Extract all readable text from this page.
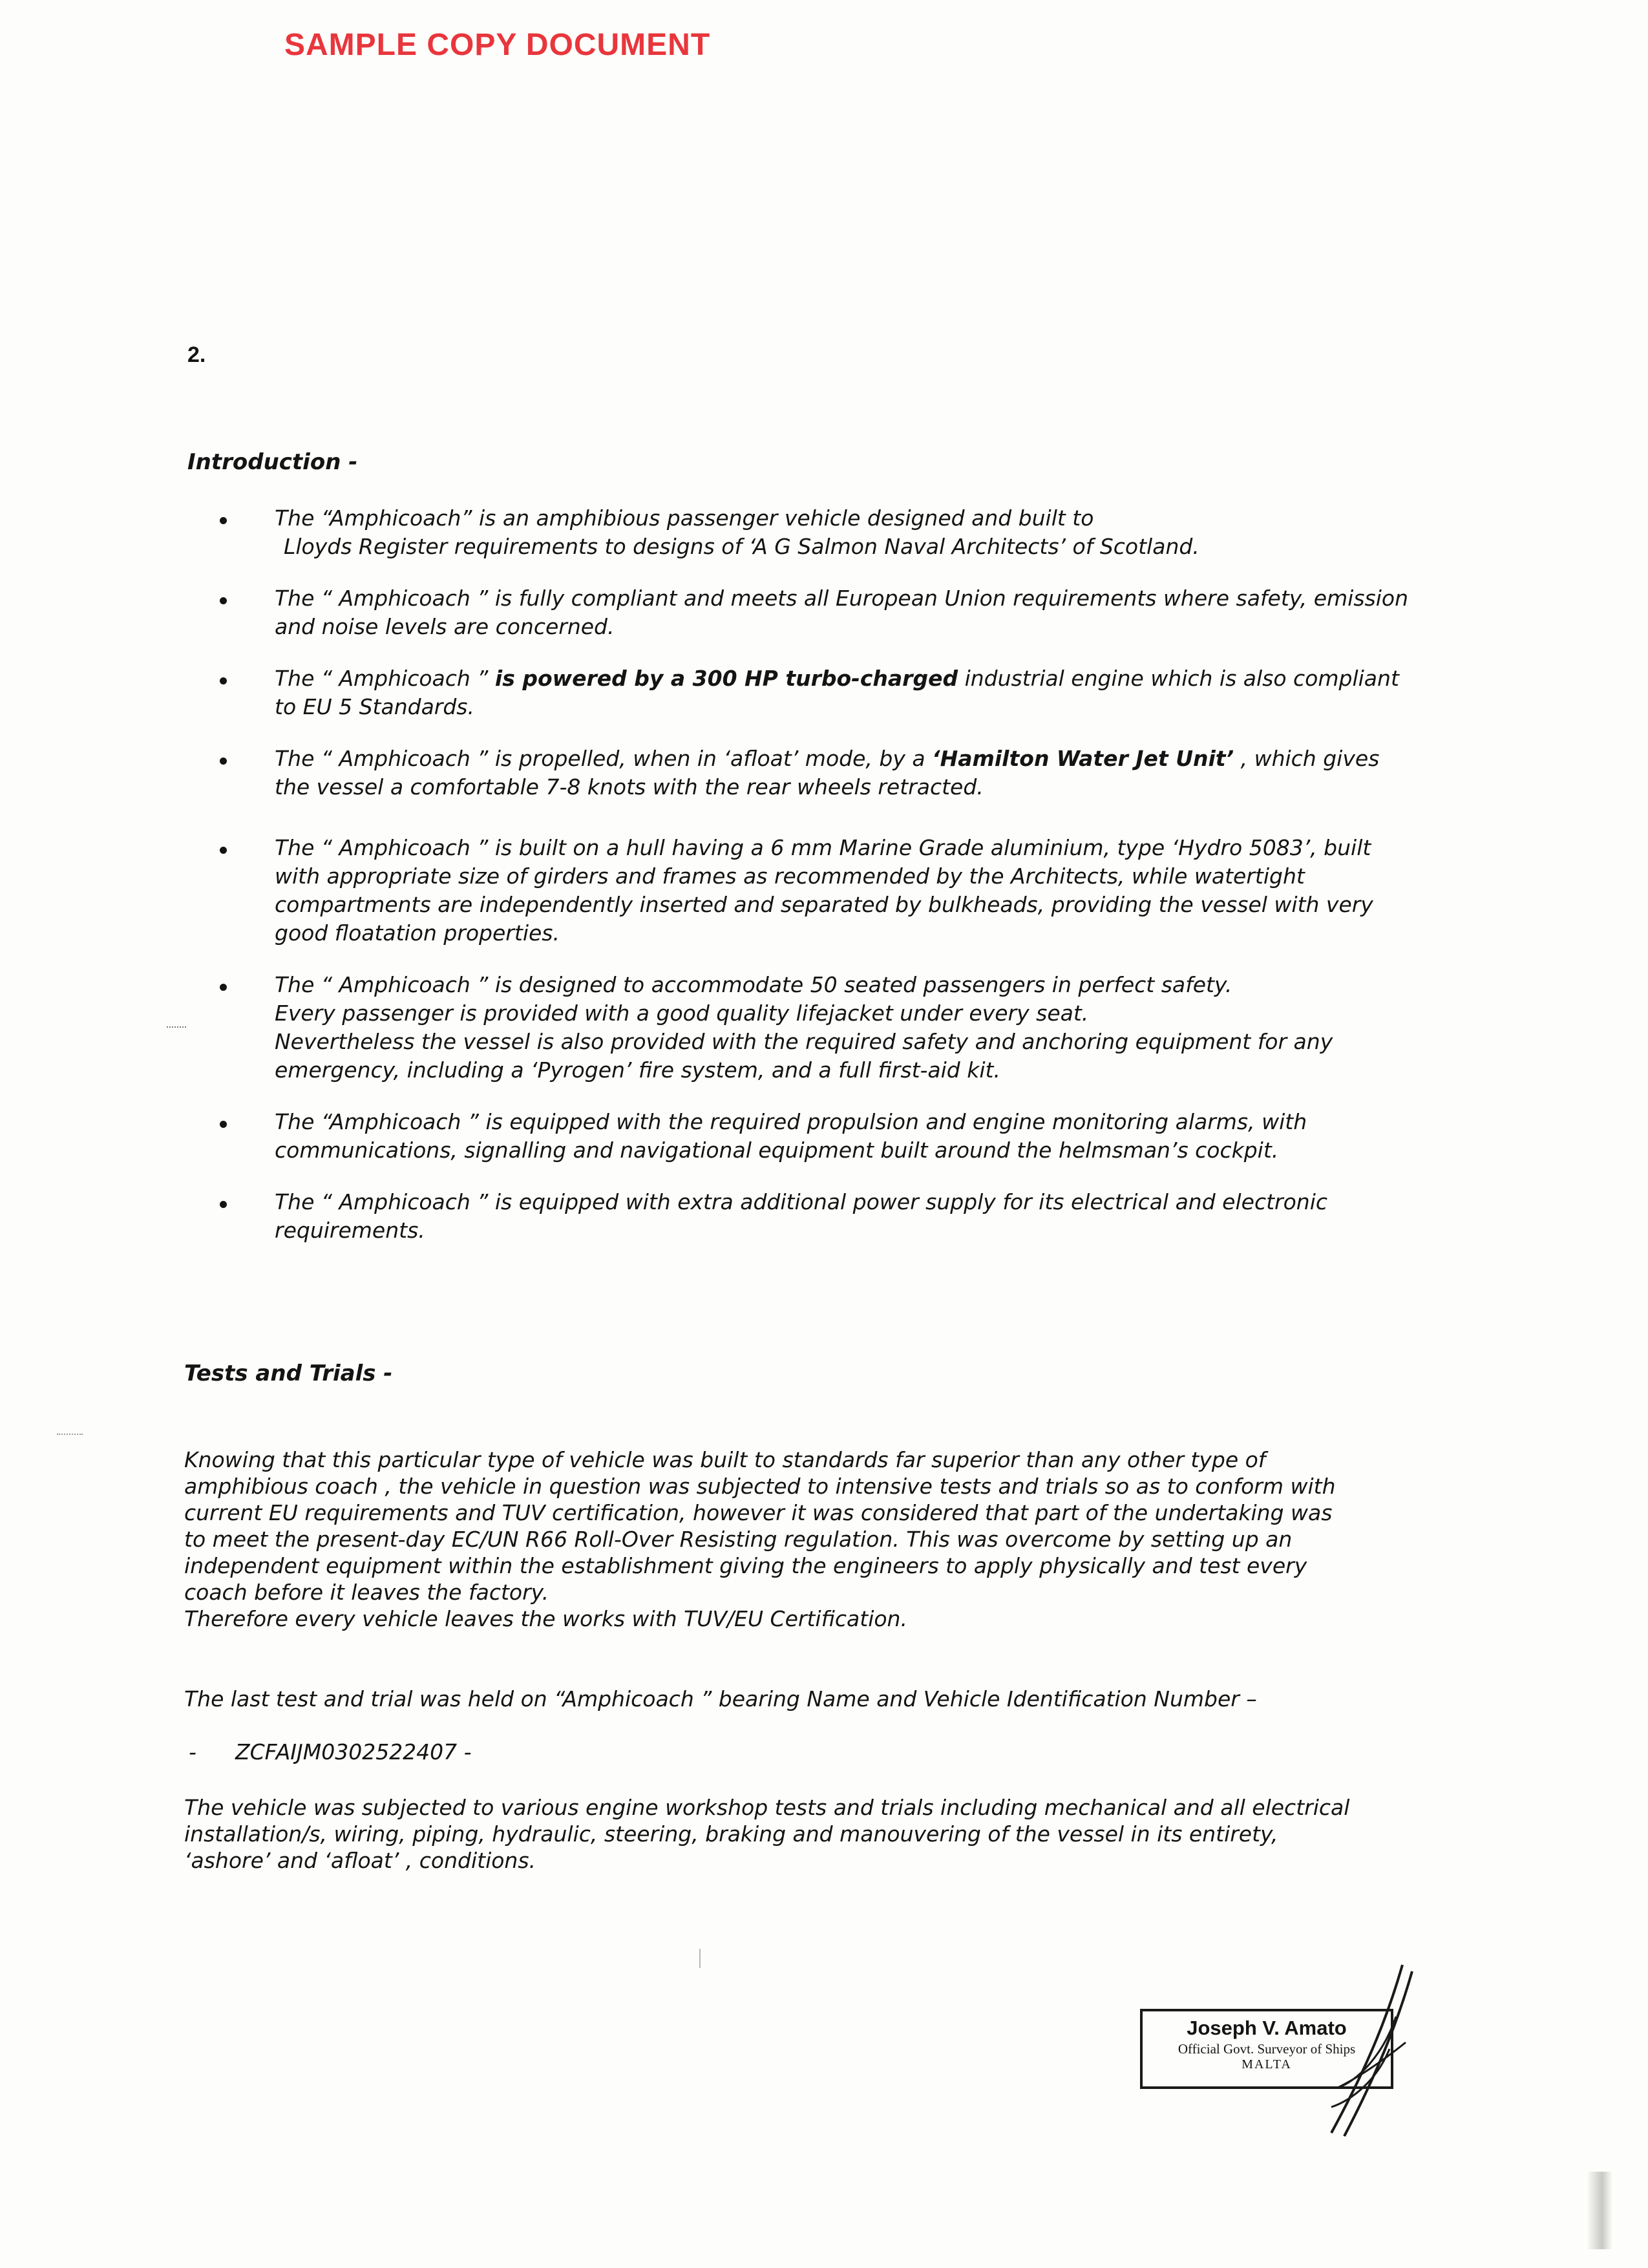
SAMPLE COPY DOCUMENT
2.
Introduction -
The “Amphicoach” is an amphibious passenger vehicle designed and built to
Lloyds Register requirements to designs of ‘A G Salmon Naval Architects’ of Scotland.
The “ Amphicoach ” is fully compliant and meets all European Union requirements where safety, emission and noise levels are concerned.
The “ Amphicoach ” is powered by a 300 HP turbo-charged industrial engine which is also compliant to EU 5 Standards.
The “ Amphicoach ” is propelled, when in ‘afloat’ mode, by a ‘Hamilton Water Jet Unit’ , which gives the vessel a comfortable 7-8 knots with the rear wheels retracted.
The “ Amphicoach ” is built on a hull having a 6 mm Marine Grade aluminium, type ‘Hydro 5083’, built with appropriate size of girders and frames as recommended by the Architects, while watertight compartments are independently inserted and separated by bulkheads, providing the vessel with very good floatation properties.
The “ Amphicoach ” is designed to accommodate 50 seated passengers in perfect safety.
Every passenger is provided with a good quality lifejacket under every seat.
Nevertheless the vessel is also provided with the required safety and anchoring equipment for any emergency, including a ‘Pyrogen’ fire system, and a full first-aid kit.
The “Amphicoach ” is equipped with the required propulsion and engine monitoring alarms, with communications, signalling and navigational equipment built around the helmsman’s cockpit.
The “ Amphicoach ” is equipped with extra additional power supply for its electrical and electronic requirements.
Tests and Trials -

Knowing that this particular type of vehicle was built to standards far superior than any other type of amphibious coach , the vehicle in question was subjected to intensive tests and trials so as to conform with current EU requirements and TUV certification, however it was considered that part of the undertaking was to meet the present-day EC/UN R66 Roll-Over Resisting regulation. This was overcome by setting up an independent equipment within the establishment giving the engineers to apply physically and test every coach before it leaves the factory.

Therefore every vehicle leaves the works with TUV/EU Certification.

The last test and trial was held on “Amphicoach ” bearing Name and Vehicle Identification Number –

- ZCFAIJM0302522407 -

The vehicle was subjected to various engine workshop tests and trials including mechanical and all electrical installation/s, wiring, piping, hydraulic, steering, braking and manouvering of the vessel in its entirety, ‘ashore’ and ‘afloat’ , conditions.

Joseph V. Amato
Official Govt. Surveyor of Ships
MALTA
